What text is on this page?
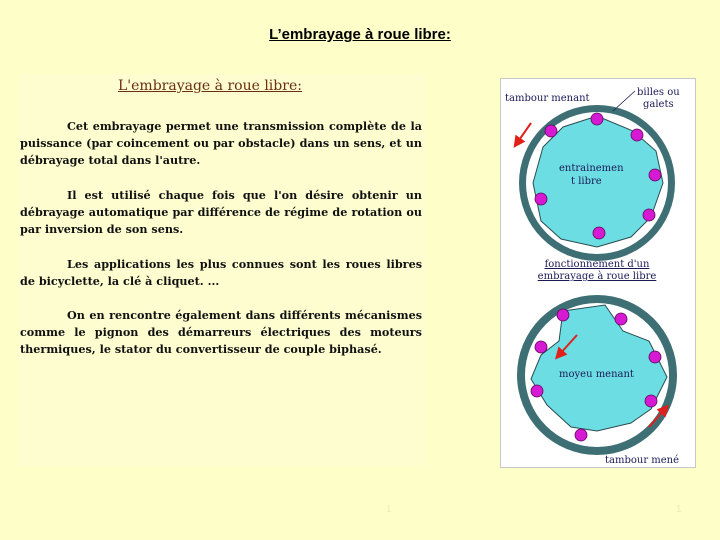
L’embrayage à roue libre:
L'embrayage à roue libre:
Cet embrayage permet une transmission complète de la puissance (par coincement ou par obstacle) dans un sens, et un débrayage total dans l'autre.
Il est utilisé chaque fois que l'on désire obtenir un débrayage automatique par différence de régime de rotation ou par inversion de son sens.
Les applications les plus connues sont les roues libres de bicyclette, la clé à cliquet. ...
On en rencontre également dans différents mécanismes comme le pignon des démarreurs électriques des moteurs thermiques, le stator du convertisseur de couple biphasé.
tambour menant
billes ou
galets
entrainemen
t libre
fonctionnement d'un
embrayage à roue libre
moyeu menant
tambour mené
1	1
